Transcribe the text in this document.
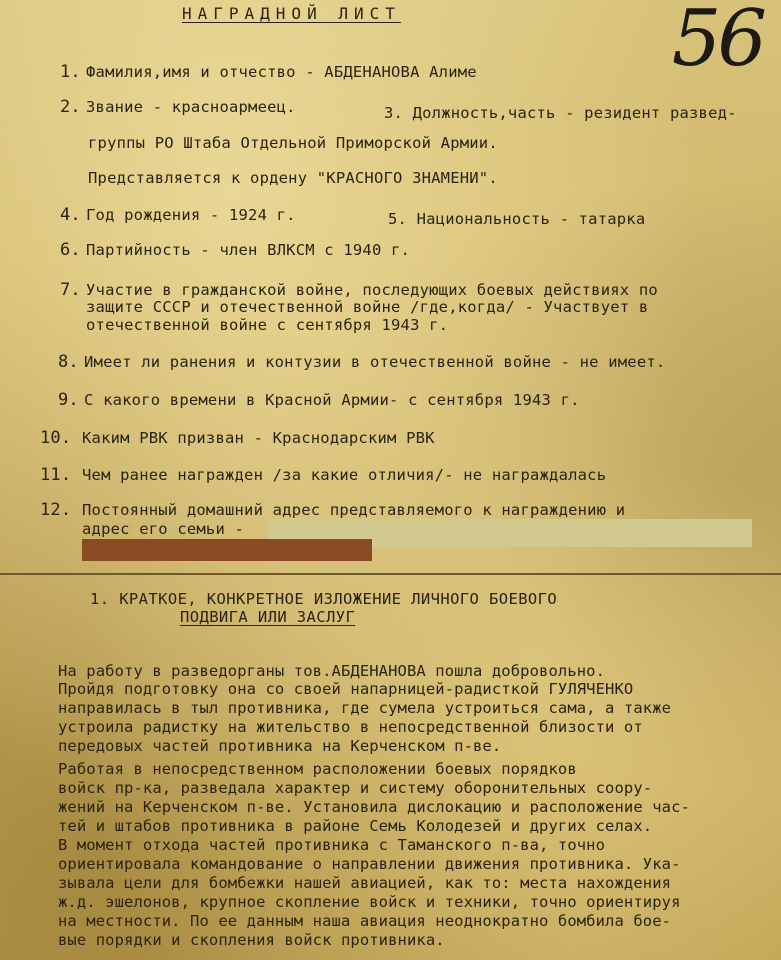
56
НАГРАДНОЙ ЛИСТ
1. Фамилия,имя и отчество - АБДЕНАНОВА Алиме
2. Звание - красноармеец.	3. Должность,часть - резидент развед-
группы РО Штаба Отдельной Приморской Армии.
Представляется к ордену "КРАСНОГО ЗНАМЕНИ".
4. Год рождения - 1924 г.	5. Национальность - татарка
6. Партийность - член ВЛКСМ с 1940 г.
7. Участие в гражданской войне, последующих боевых действиях по
защите СССР и отечественной войне /где,когда/ - Участвует в
отечественной войне с сентября 1943 г.
8. Имеет ли ранения и контузии в отечественной войне - не имеет.
9. С какого времени в Красной Армии- с сентября 1943 г.
10. Каким РВК призван - Краснодарским РВК
11. Чем ранее награжден /за какие отличия/- не награждалась
12. Постоянный домашний адрес представляемого к награждению и
адрес его семьи -
1. КРАТКОЕ, КОНКРЕТНОЕ ИЗЛОЖЕНИЕ ЛИЧНОГО БОЕВОГО
ПОДВИГА ИЛИ ЗАСЛУГ
На работу в разведорганы тов.АБДЕНАНОВА пошла добровольно.
Пройдя подготовку она со своей напарницей-радисткой ГУЛЯЧЕНКО
направилась в тыл противника, где сумела устроиться сама, а также
устроила радистку на жительство в непосредственной близости от
передовых частей противника на Керченском п-ве.
Работая в непосредственном расположении боевых порядков
войск пр-ка, разведала характер и систему оборонительных соору-
жений на Керченском п-ве. Установила дислокацию и расположение час-
тей и штабов противника в районе Семь Колодезей и других селах.
В момент отхода частей противника с Таманского п-ва, точно
ориентировала командование о направлении движения противника. Ука-
зывала цели для бомбежки нашей авиацией, как то: места нахождения
ж.д. эшелонов, крупное скопление войск и техники, точно ориентируя
на местности. По ее данным наша авиация неоднократно бомбила бое-
вые порядки и скопления войск противника.
